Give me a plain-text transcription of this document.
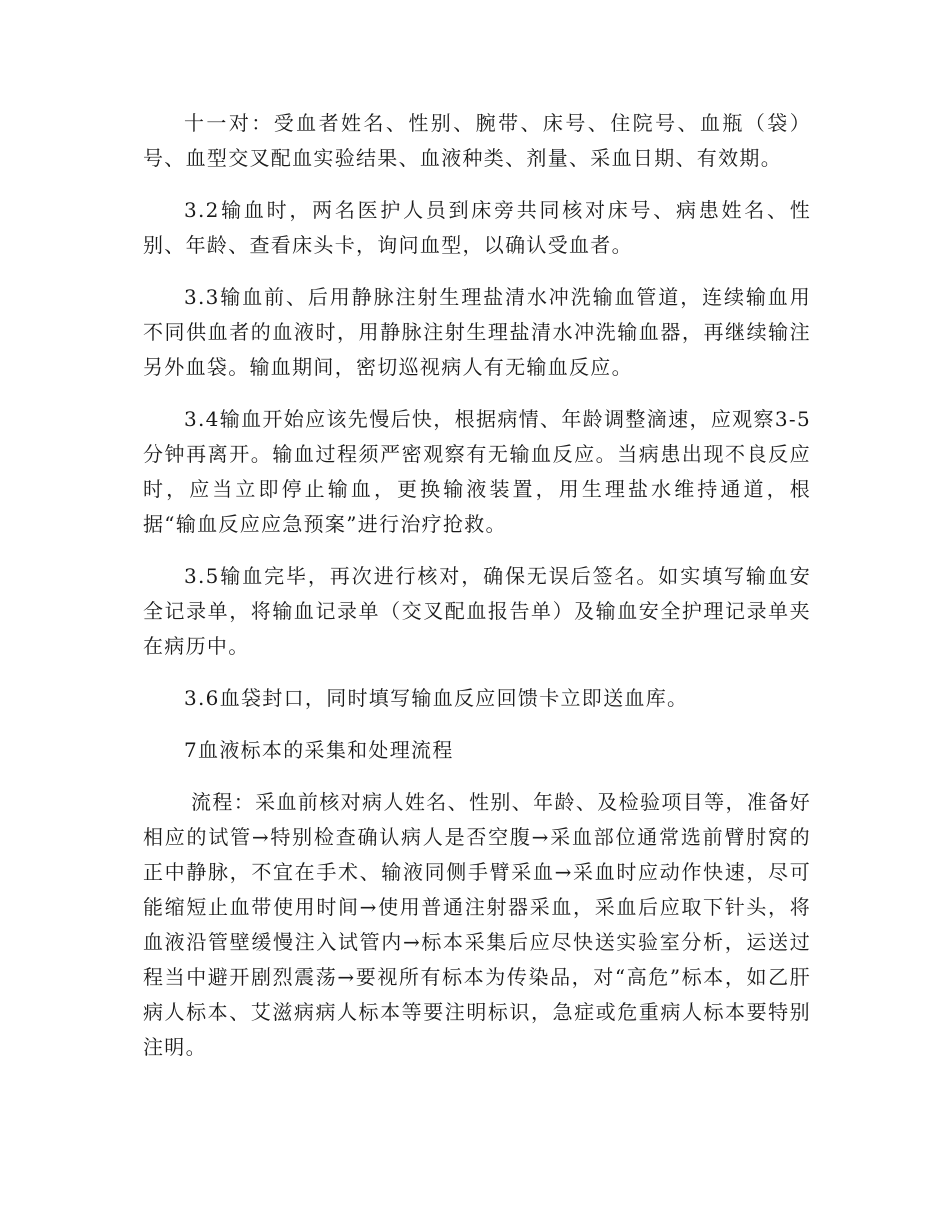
十一对：受血者姓名、性别、腕带、床号、住院号、血瓶（袋）号、血型交叉配血实验结果、血液种类、剂量、采血日期、有效期。

3.2输血时，两名医护人员到床旁共同核对床号、病患姓名、性别、年龄、查看床头卡，询问血型，以确认受血者。

3.3输血前、后用静脉注射生理盐清水冲洗输血管道，连续输血用不同供血者的血液时，用静脉注射生理盐清水冲洗输血器，再继续输注另外血袋。输血期间，密切巡视病人有无输血反应。

3.4输血开始应该先慢后快，根据病情、年龄调整滴速，应观察3-5分钟再离开。输血过程须严密观察有无输血反应。当病患出现不良反应时，应当立即停止输血，更换输液装置，用生理盐水维持通道，根据“输血反应应急预案”进行治疗抢救。

3.5输血完毕，再次进行核对，确保无误后签名。如实填写输血安全记录单，将输血记录单（交叉配血报告单）及输血安全护理记录单夹在病历中。

3.6血袋封口，同时填写输血反应回馈卡立即送血库。

7血液标本的采集和处理流程

流程：采血前核对病人姓名、性别、年龄、及检验项目等，准备好相应的试管→特别检查确认病人是否空腹→采血部位通常选前臂肘窝的正中静脉，不宜在手术、输液同侧手臂采血→采血时应动作快速，尽可能缩短止血带使用时间→使用普通注射器采血，采血后应取下针头，将血液沿管壁缓慢注入试管内→标本采集后应尽快送实验室分析，运送过程当中避开剧烈震荡→要视所有标本为传染品，对“高危”标本，如乙肝病人标本、艾滋病病人标本等要注明标识，急症或危重病人标本要特别注明。
